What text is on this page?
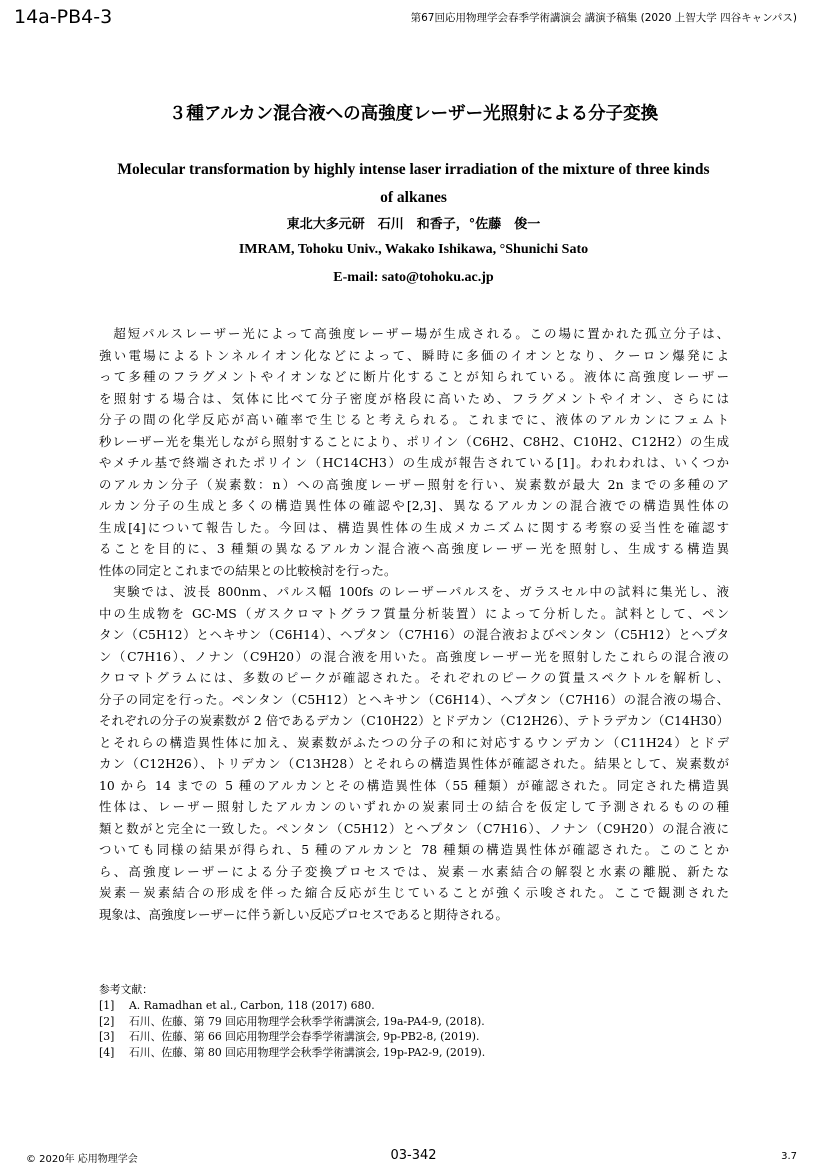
14a-PB4-3	第67回応用物理学会春季学術講演会 講演予稿集 (2020 上智大学 四谷キャンパス)
３種アルカン混合液への高強度レーザー光照射による分子変換
Molecular transformation by highly intense laser irradiation of the mixture of three kinds of alkanes
東北大多元研　石川　和香子，°佐藤　俊一
IMRAM, Tohoku Univ., Wakako Ishikawa, °Shunichi Sato
E-mail: sato@tohoku.ac.jp
　超短パルスレーザー光によって高強度レーザー場が生成される。この場に置かれた孤立分子は、
強い電場によるトンネルイオン化などによって、瞬時に多価のイオンとなり、クーロン爆発によ
って多種のフラグメントやイオンなどに断片化することが知られている。液体に高強度レーザー
を照射する場合は、気体に比べて分子密度が格段に高いため、フラグメントやイオン、さらには
分子の間の化学反応が高い確率で生じると考えられる。これまでに、液体のアルカンにフェムト
秒レーザー光を集光しながら照射することにより、ポリイン（C6H2、C8H2、C10H2、C12H2）の生成
やメチル基で終端されたポリイン（HC14CH3）の生成が報告されている[1]。われわれは、いくつか
のアルカン分子（炭素数：n）への高強度レーザー照射を行い、炭素数が最大 2n までの多種のア
ルカン分子の生成と多くの構造異性体の確認や[2,3]、異なるアルカンの混合液での構造異性体の
生成[4]について報告した。今回は、構造異性体の生成メカニズムに関する考察の妥当性を確認す
ることを目的に、3 種類の異なるアルカン混合液へ高強度レーザー光を照射し、生成する構造異
性体の同定とこれまでの結果との比較検討を行った。
　実験では、波長 800nm、パルス幅 100fs のレーザーパルスを、ガラスセル中の試料に集光し、液
中の生成物を GC-MS（ガスクロマトグラフ質量分析装置）によって分析した。試料として、ペン
タン（C5H12）とヘキサン（C6H14）、ヘプタン（C7H16）の混合液およびペンタン（C5H12）とヘプタ
ン（C7H16）、ノナン（C9H20）の混合液を用いた。高強度レーザー光を照射したこれらの混合液の
クロマトグラムには、多数のピークが確認された。それぞれのピークの質量スペクトルを解析し、
分子の同定を行った。ペンタン（C5H12）とヘキサン（C6H14）、ヘプタン（C7H16）の混合液の場合、
それぞれの分子の炭素数が 2 倍であるデカン（C10H22）とドデカン（C12H26）、テトラデカン（C14H30）
とそれらの構造異性体に加え、炭素数がふたつの分子の和に対応するウンデカン（C11H24）とドデ
カン（C12H26）、トリデカン（C13H28）とそれらの構造異性体が確認された。結果として、炭素数が
10 から 14 までの 5 種のアルカンとその構造異性体（55 種類）が確認された。同定された構造異
性体は、レーザー照射したアルカンのいずれかの炭素同士の結合を仮定して予測されるものの種
類と数がと完全に一致した。ペンタン（C5H12）とヘプタン（C7H16）、ノナン（C9H20）の混合液に
ついても同様の結果が得られ、5 種のアルカンと 78 種類の構造異性体が確認された。このことか
ら、高強度レーザーによる分子変換プロセスでは、炭素－水素結合の解裂と水素の離脱、新たな
炭素－炭素結合の形成を伴った縮合反応が生じていることが強く示唆された。ここで観測された
現象は、高強度レーザーに伴う新しい反応プロセスであると期待される。
参考文献：
[1]	A. Ramadhan et al., Carbon, 118 (2017) 680.
[2]	石川、佐藤、第 79 回応用物理学会秋季学術講演会, 19a-PA4-9, (2018).
[3]	石川、佐藤、第 66 回応用物理学会春季学術講演会, 9p-PB2-8, (2019).
[4]	石川、佐藤、第 80 回応用物理学会秋季学術講演会, 19p-PA2-9, (2019).
© 2020年 応用物理学会	03-342	3.7
